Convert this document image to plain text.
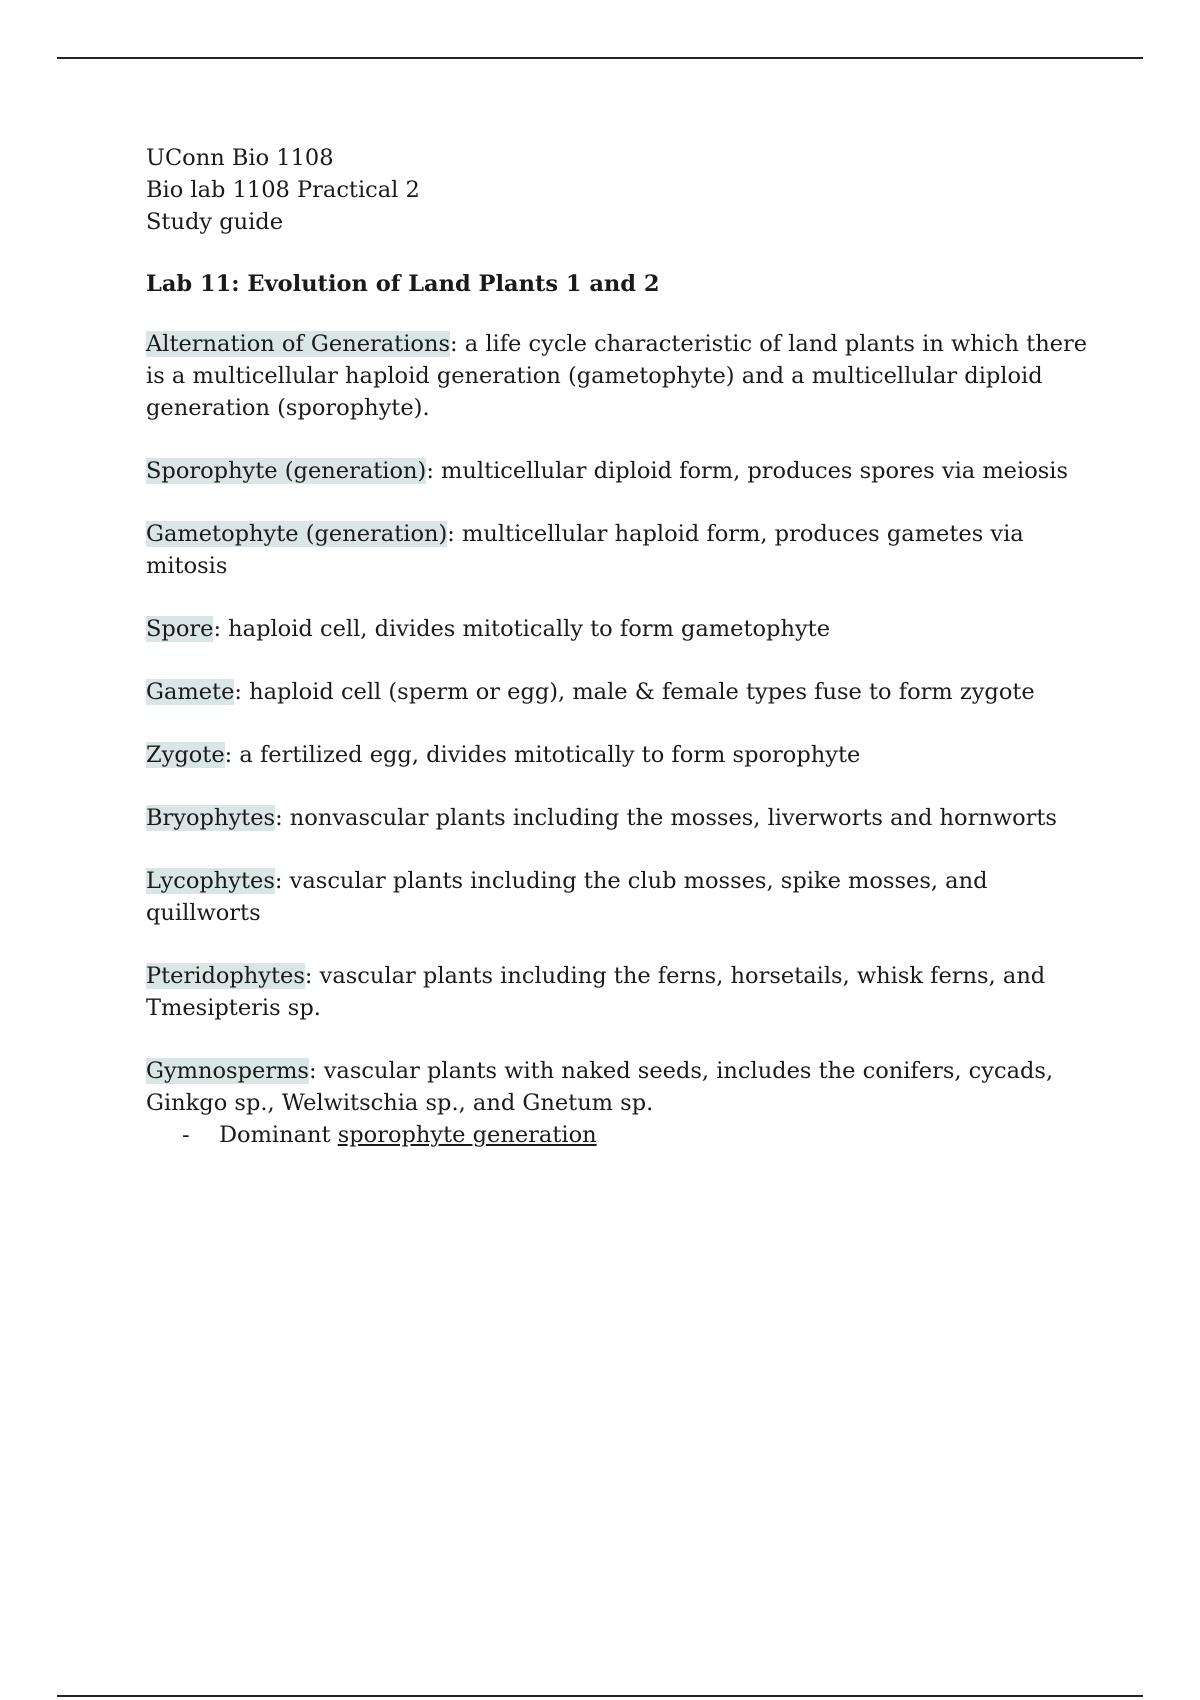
UConn Bio 1108
Bio lab 1108 Practical 2
Study guide
Lab 11: Evolution of Land Plants 1 and 2

Alternation of Generations: a life cycle characteristic of land plants in which there is a multicellular haploid generation (gametophyte) and a multicellular diploid generation (sporophyte).

Sporophyte (generation): multicellular diploid form, produces spores via meiosis

Gametophyte (generation): multicellular haploid form, produces gametes via mitosis

Spore: haploid cell, divides mitotically to form gametophyte

Gamete: haploid cell (sperm or egg), male & female types fuse to form zygote

Zygote: a fertilized egg, divides mitotically to form sporophyte

Bryophytes: nonvascular plants including the mosses, liverworts and hornworts

Lycophytes: vascular plants including the club mosses, spike mosses, and quillworts

Pteridophytes: vascular plants including the ferns, horsetails, whisk ferns, and Tmesipteris sp.

Gymnosperms: vascular plants with naked seeds, includes the conifers, cycads, Ginkgo sp., Welwitschia sp., and Gnetum sp.

-	Dominant sporophyte generation
